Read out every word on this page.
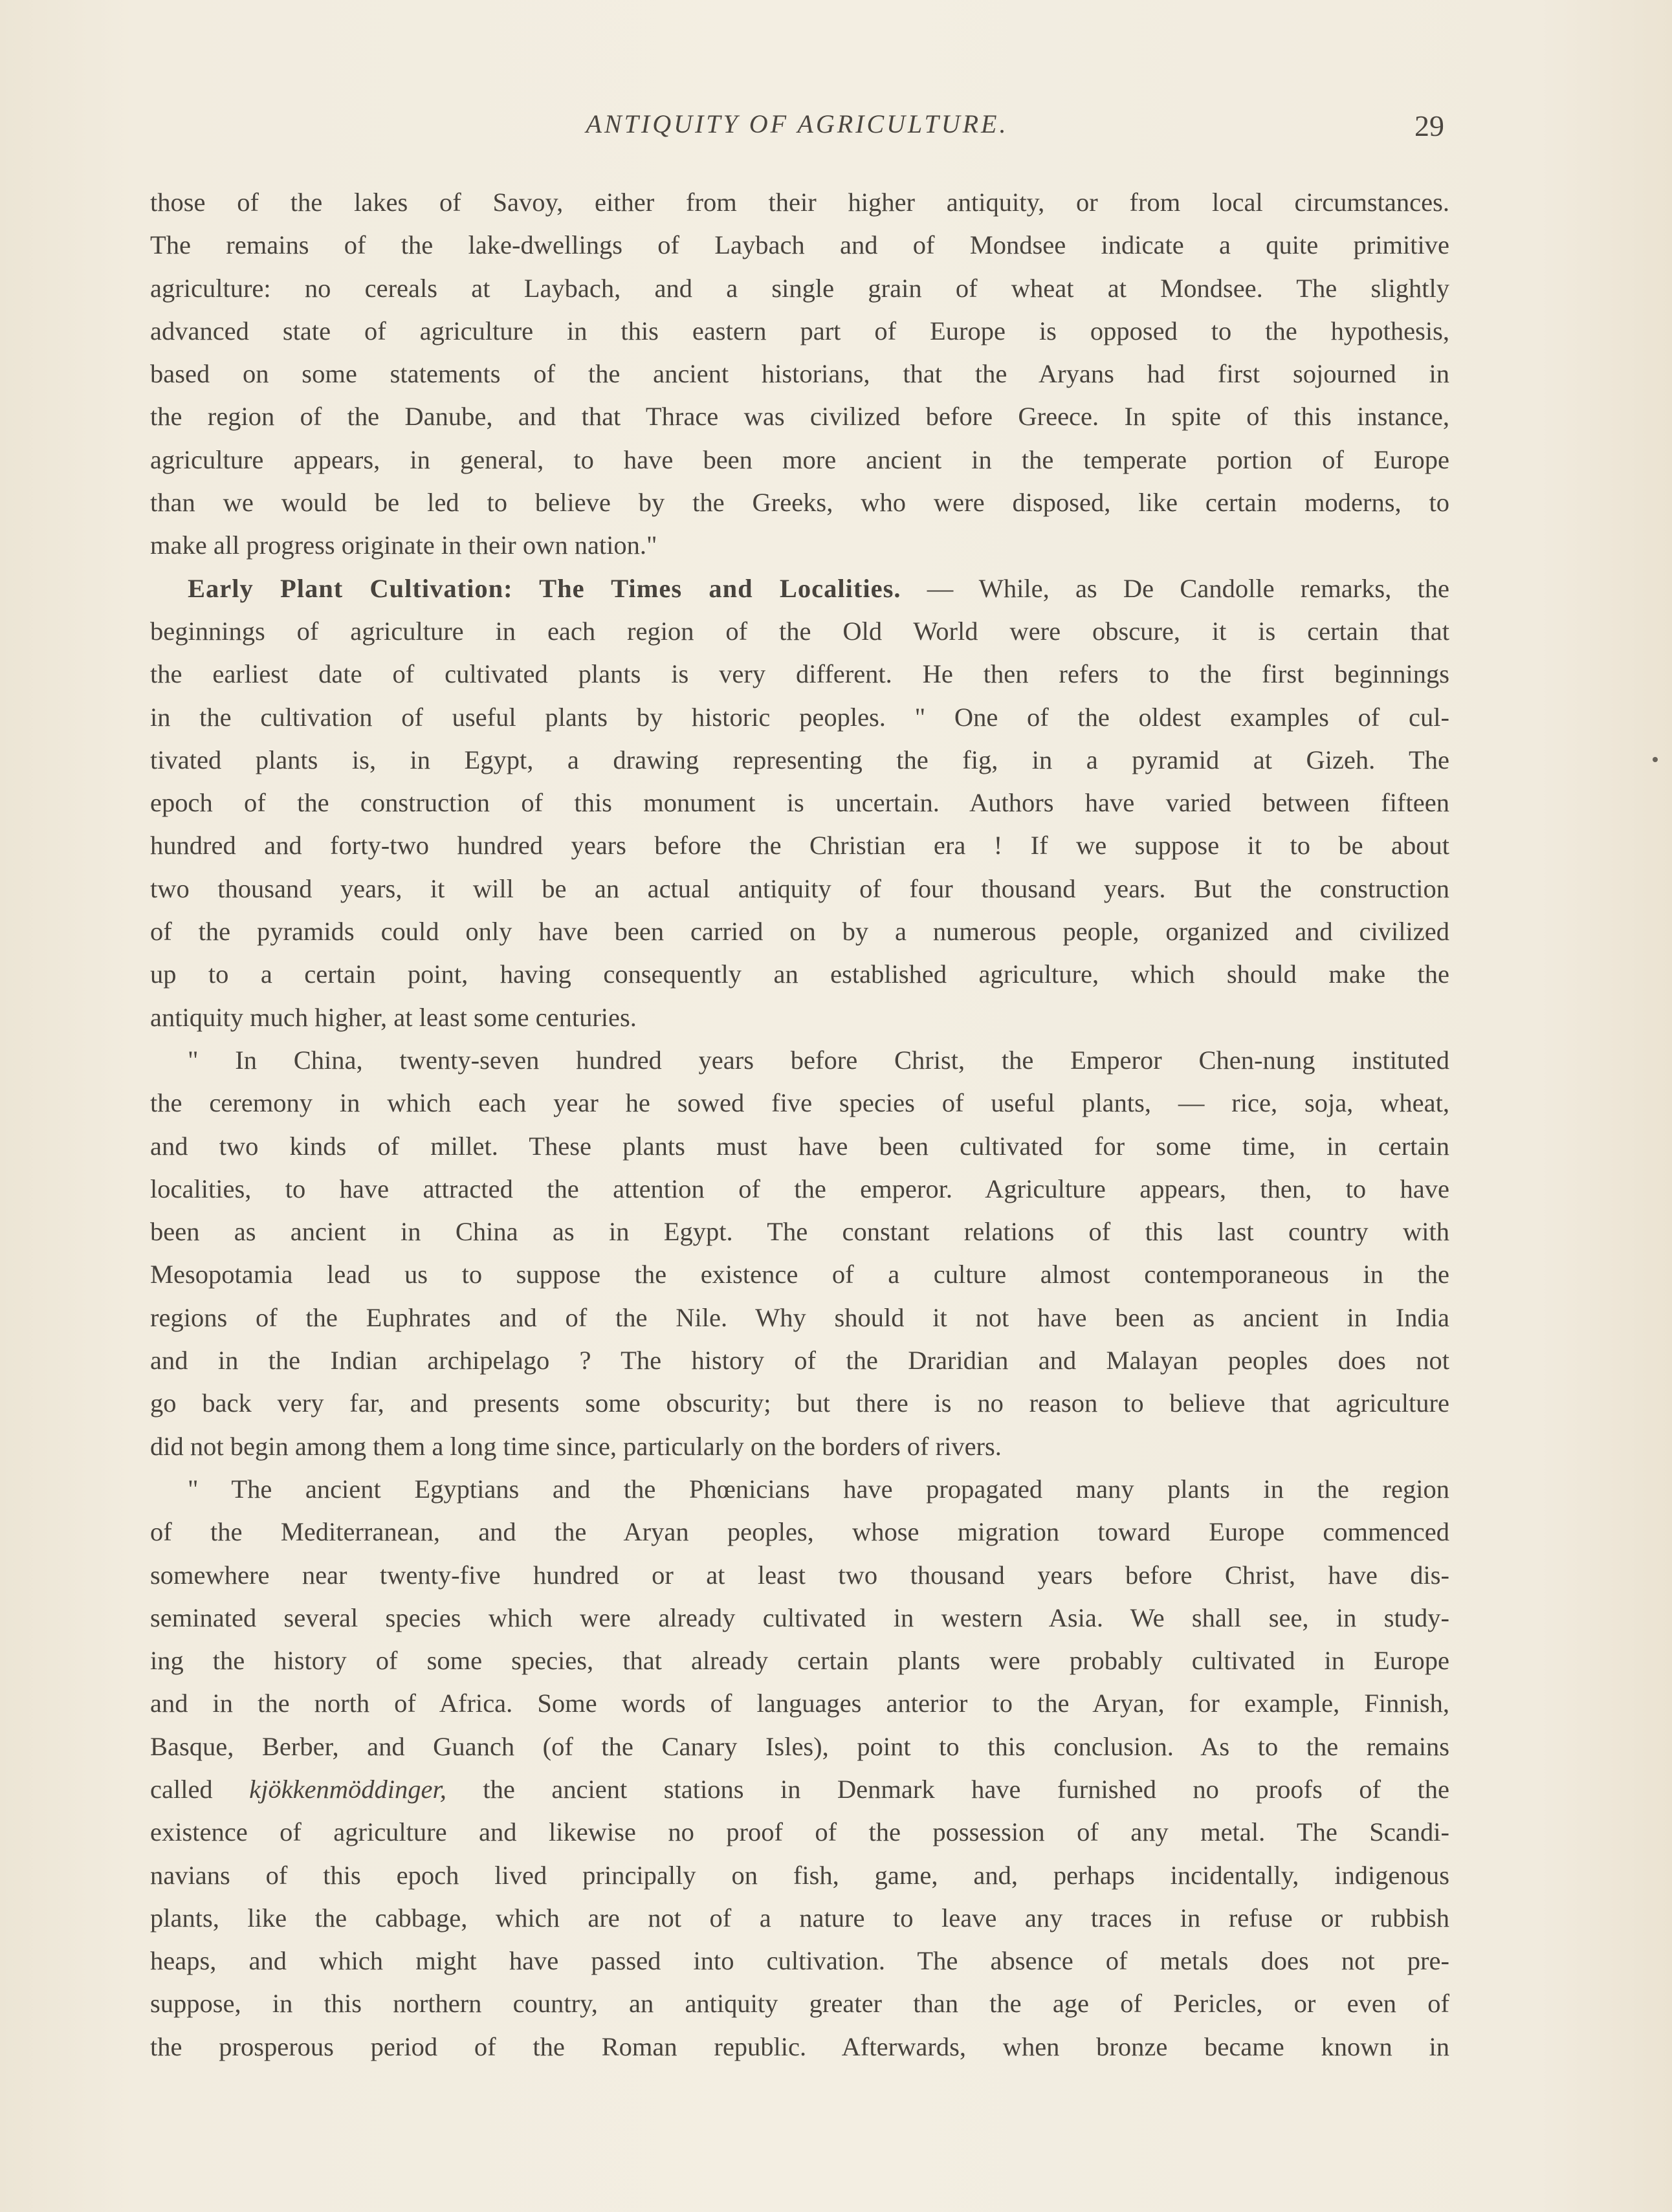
ANTIQUITY OF AGRICULTURE.	29

those of the lakes of Savoy, either from their higher antiquity, or from local circumstances.

The remains of the lake-dwellings of Laybach and of Mondsee indicate a quite primitive

agriculture: no cereals at Laybach, and a single grain of wheat at Mondsee. The slightly

advanced state of agriculture in this eastern part of Europe is opposed to the hypothesis,

based on some statements of the ancient historians, that the Aryans had first sojourned in

the region of the Danube, and that Thrace was civilized before Greece. In spite of this instance,

agriculture appears, in general, to have been more ancient in the temperate portion of Europe

than we would be led to believe by the Greeks, who were disposed, like certain moderns, to

make all progress originate in their own nation."

Early Plant Cultivation: The Times and Localities. — While, as De Candolle remarks, the

beginnings of agriculture in each region of the Old World were obscure, it is certain that

the earliest date of cultivated plants is very different. He then refers to the first beginnings

in the cultivation of useful plants by historic peoples. " One of the oldest examples of cul-

tivated plants is, in Egypt, a drawing representing the fig, in a pyramid at Gizeh. The

epoch of the construction of this monument is uncertain. Authors have varied between fifteen

hundred and forty-two hundred years before the Christian era ! If we suppose it to be about

two thousand years, it will be an actual antiquity of four thousand years. But the construction

of the pyramids could only have been carried on by a numerous people, organized and civilized

up to a certain point, having consequently an established agriculture, which should make the

antiquity much higher, at least some centuries.

" In China, twenty-seven hundred years before Christ, the Emperor Chen-nung instituted

the ceremony in which each year he sowed five species of useful plants, — rice, soja, wheat,

and two kinds of millet. These plants must have been cultivated for some time, in certain

localities, to have attracted the attention of the emperor. Agriculture appears, then, to have

been as ancient in China as in Egypt. The constant relations of this last country with

Mesopotamia lead us to suppose the existence of a culture almost contemporaneous in the

regions of the Euphrates and of the Nile. Why should it not have been as ancient in India

and in the Indian archipelago ? The history of the Draridian and Malayan peoples does not

go back very far, and presents some obscurity; but there is no reason to believe that agriculture

did not begin among them a long time since, particularly on the borders of rivers.

" The ancient Egyptians and the Phœnicians have propagated many plants in the region

of the Mediterranean, and the Aryan peoples, whose migration toward Europe commenced

somewhere near twenty-five hundred or at least two thousand years before Christ, have dis-

seminated several species which were already cultivated in western Asia. We shall see, in study-

ing the history of some species, that already certain plants were probably cultivated in Europe

and in the north of Africa. Some words of languages anterior to the Aryan, for example, Finnish,

Basque, Berber, and Guanch (of the Canary Isles), point to this conclusion. As to the remains

called kjökkenmöddinger, the ancient stations in Denmark have furnished no proofs of the

existence of agriculture and likewise no proof of the possession of any metal. The Scandi-

navians of this epoch lived principally on fish, game, and, perhaps incidentally, indigenous

plants, like the cabbage, which are not of a nature to leave any traces in refuse or rubbish

heaps, and which might have passed into cultivation. The absence of metals does not pre-

suppose, in this northern country, an antiquity greater than the age of Pericles, or even of

the prosperous period of the Roman republic. Afterwards, when bronze became known in
